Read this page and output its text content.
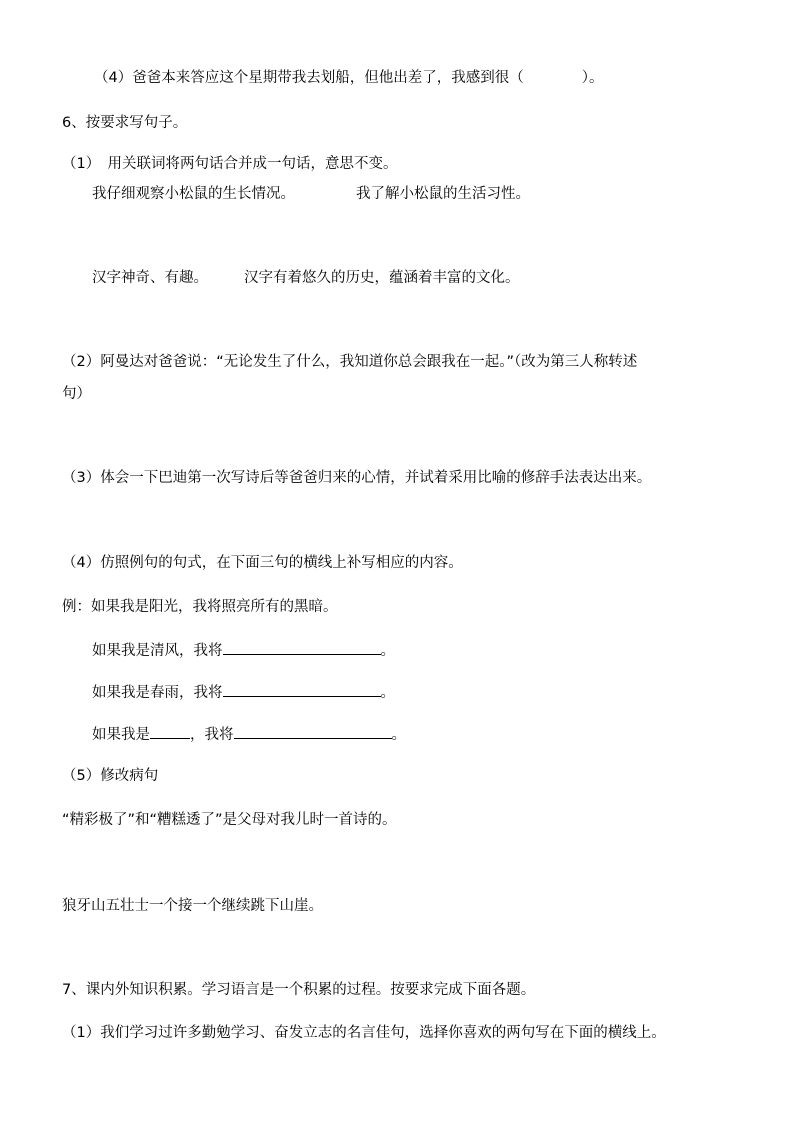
（4）爸爸本来答应这个星期带我去划船，但他出差了，我感到很（　　　　）。
6、按要求写句子。
（1）　用关联词将两句话合并成一句话，意思不变。
我仔细观察小松鼠的生长情况。	我了解小松鼠的生活习性。
汉字神奇、有趣。 汉字有着悠久的历史，蕴涵着丰富的文化。
（2）阿曼达对爸爸说：“无论发生了什么，我知道你总会跟我在一起。”（改为第三人称转述
句）
（3）体会一下巴迪第一次写诗后等爸爸归来的心情，并试着采用比喻的修辞手法表达出来。
（4）仿照例句的句式，在下面三句的横线上补写相应的内容。
例：如果我是阳光，我将照亮所有的黑暗。
如果我是清风，我将	。
如果我是春雨，我将	。
如果我是	，我将	。
（5）修改病句
“精彩极了”和“糟糕透了”是父母对我儿时一首诗的。
狼牙山五壮士一个接一个继续跳下山崖。
7、课内外知识积累。学习语言是一个积累的过程。按要求完成下面各题。
（1）我们学习过许多勤勉学习、奋发立志的名言佳句，选择你喜欢的两句写在下面的横线上。
